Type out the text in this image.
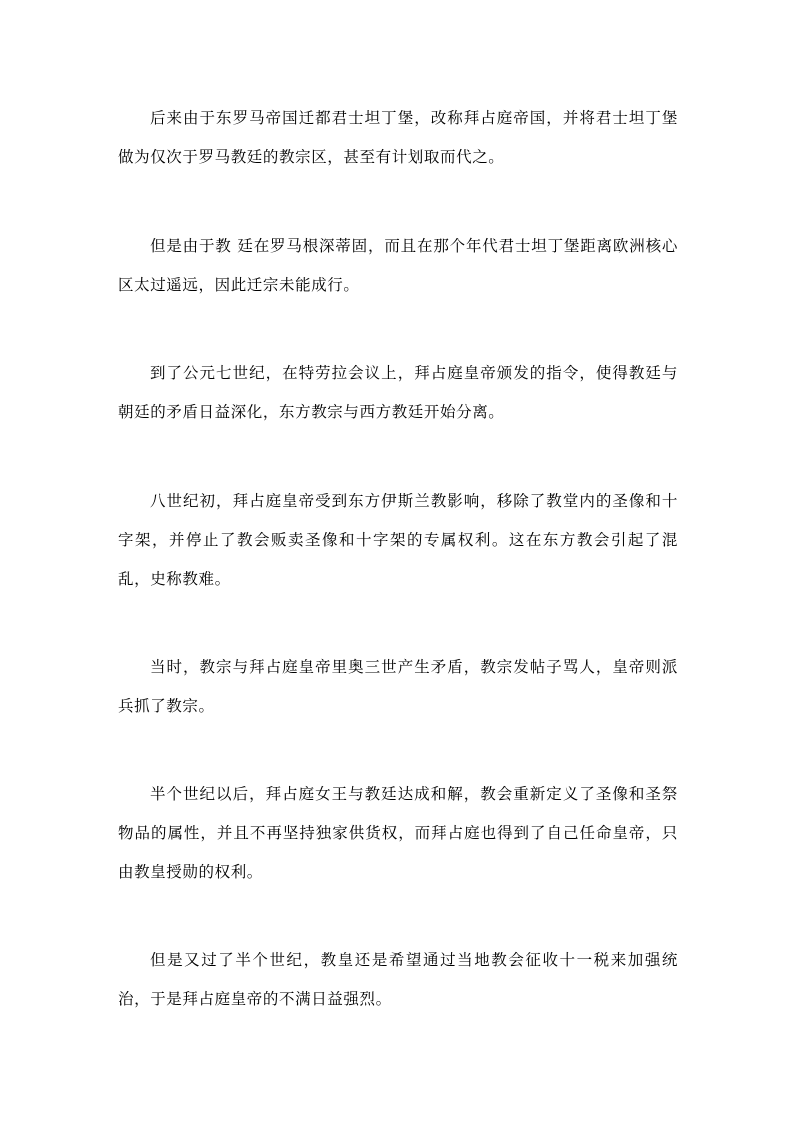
后来由于东罗马帝国迁都君士坦丁堡，改称拜占庭帝国，并将君士坦丁堡做为仅次于罗马教廷的教宗区，甚至有计划取而代之。

但是由于教 廷在罗马根深蒂固，而且在那个年代君士坦丁堡距离欧洲核心区太过遥远，因此迁宗未能成行。

到了公元七世纪，在特劳拉会议上，拜占庭皇帝颁发的指令，使得教廷与朝廷的矛盾日益深化，东方教宗与西方教廷开始分离。

八世纪初，拜占庭皇帝受到东方伊斯兰教影响，移除了教堂内的圣像和十字架，并停止了教会贩卖圣像和十字架的专属权利。这在东方教会引起了混乱，史称教难。

当时，教宗与拜占庭皇帝里奥三世产生矛盾，教宗发帖子骂人，皇帝则派兵抓了教宗。

半个世纪以后，拜占庭女王与教廷达成和解，教会重新定义了圣像和圣祭物品的属性，并且不再坚持独家供货权，而拜占庭也得到了自己任命皇帝，只由教皇授勋的权利。

但是又过了半个世纪，教皇还是希望通过当地教会征收十一税来加强统治，于是拜占庭皇帝的不满日益强烈。
